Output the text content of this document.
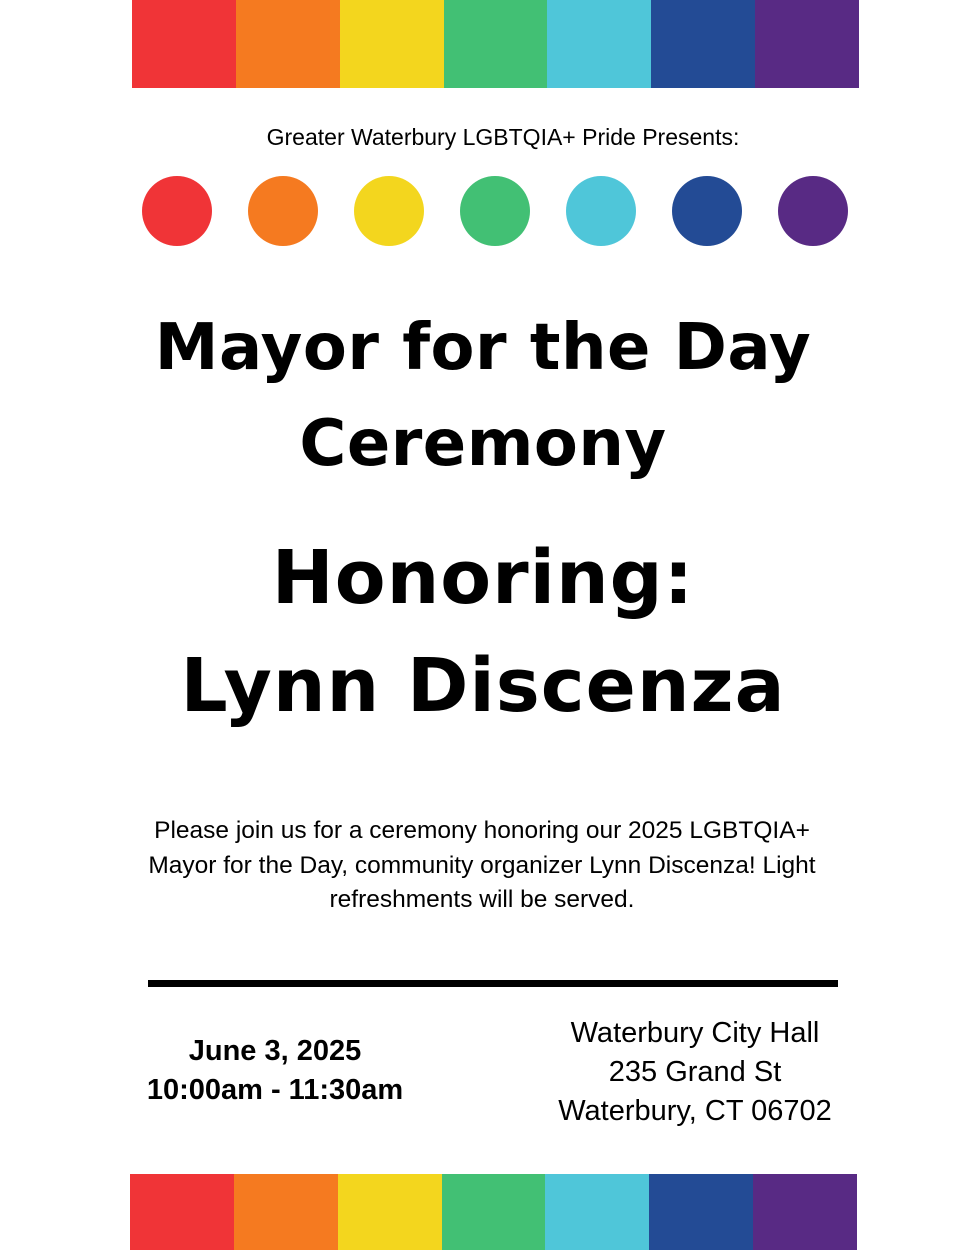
Greater Waterbury LGBTQIA+ Pride Presents:
Mayor for the Day
Ceremony
Honoring:
Lynn Discenza
Please join us for a ceremony honoring our 2025 LGBTQIA+
Mayor for the Day, community organizer Lynn Discenza! Light
refreshments will be served.
June 3, 2025
10:00am - 11:30am
Waterbury City Hall
235 Grand St
Waterbury, CT 06702
